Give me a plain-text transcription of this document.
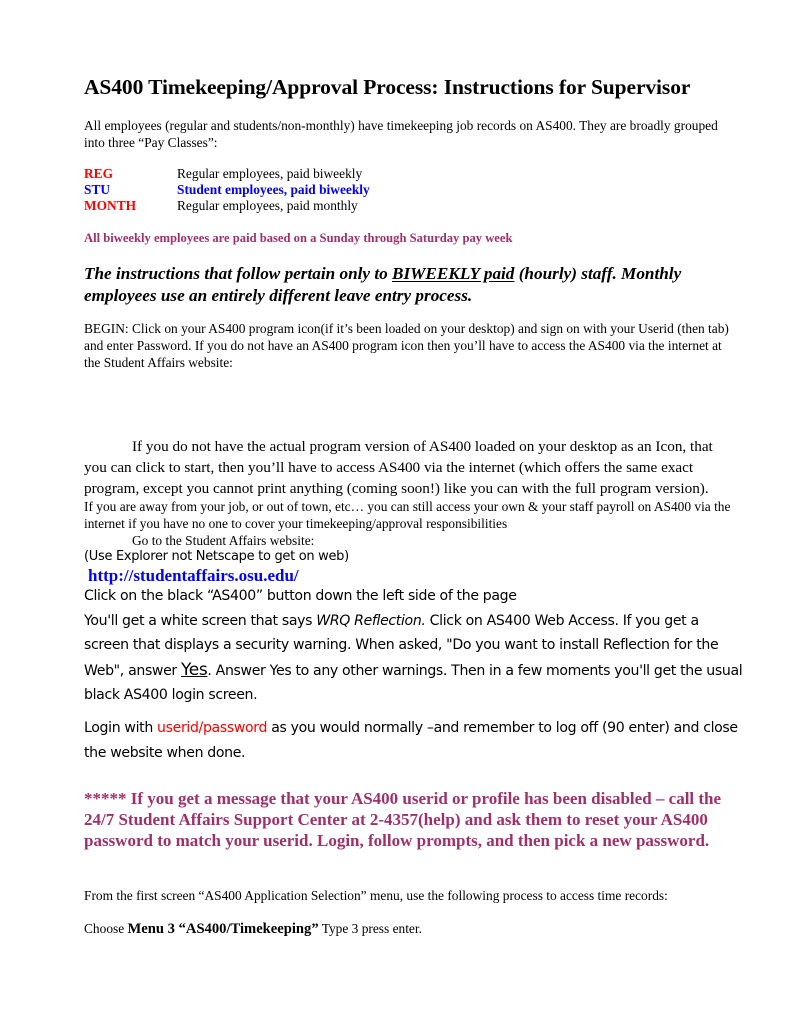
AS400 Timekeeping/Approval Process: Instructions for Supervisor
All employees (regular and students/non-monthly) have timekeeping job records on AS400. They are broadly grouped into three “Pay Classes”:
REG	Regular employees, paid biweekly
STU	Student employees, paid biweekly
MONTH	Regular employees, paid monthly
All biweekly employees are paid based on a Sunday through Saturday pay week
The instructions that follow pertain only to BIWEEKLY paid (hourly) staff. Monthly employees use an entirely different leave entry process.
BEGIN: Click on your AS400 program icon(if it’s been loaded on your desktop) and sign on with your Userid (then tab) and enter Password. If you do not have an AS400 program icon then you’ll have to access the AS400 via the internet at the Student Affairs website:
If you do not have the actual program version of AS400 loaded on your desktop as an Icon, that you can click to start, then you’ll have to access AS400 via the internet (which offers the same exact program, except you cannot print anything (coming soon!) like you can with the full program version).
If you are away from your job, or out of town, etc… you can still access your own & your staff payroll on AS400 via the internet if you have no one to cover your timekeeping/approval responsibilities
Go to the Student Affairs website:
(Use Explorer not Netscape to get on web)
http://studentaffairs.osu.edu/
Click on the black “AS400” button down the left side of the page
You'll get a white screen that says WRQ Reflection. Click on AS400 Web Access. If you get a screen that displays a security warning. When asked, "Do you want to install Reflection for the Web", answer Yes. Answer Yes to any other warnings. Then in a few moments you'll get the usual black AS400 login screen.
Login with userid/password as you would normally –and remember to log off (90 enter) and close the website when done.
***** If you get a message that your AS400 userid or profile has been disabled – call the 24/7 Student Affairs Support Center at 2-4357(help) and ask them to reset your AS400 password to match your userid. Login, follow prompts, and then pick a new password.
From the first screen “AS400 Application Selection” menu, use the following process to access time records:
Choose Menu 3 “AS400/Timekeeping” Type 3 press enter.
